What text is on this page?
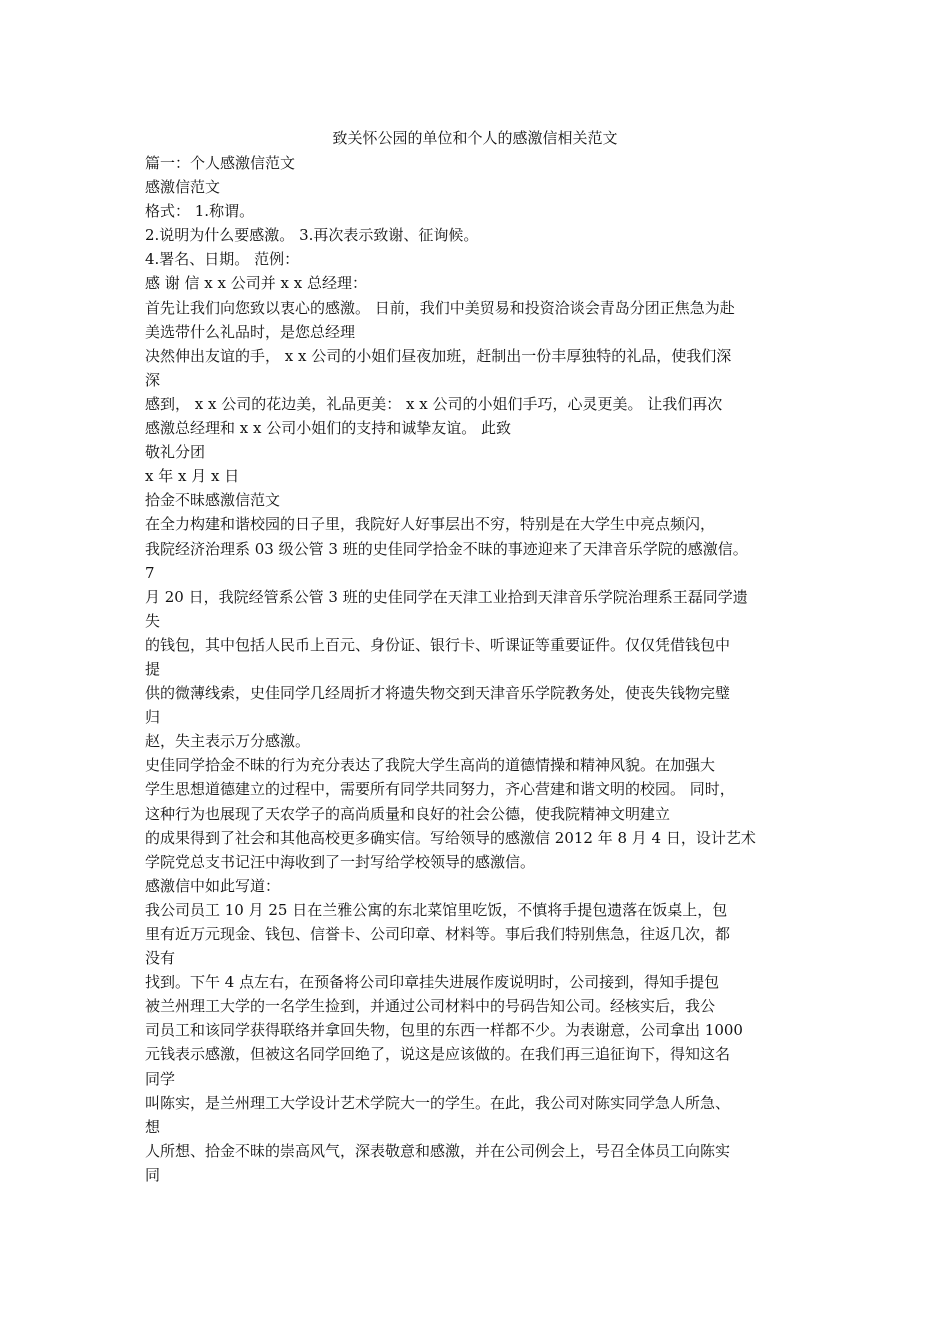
致关怀公园的单位和个人的感激信相关范文
篇一：个人感激信范文
感激信范文
格式： 1.称谓。
2.说明为什么要感激。 3.再次表示致谢、征询候。
4.署名、日期。 范例：
感 谢 信 x x 公司并 x x 总经理：
首先让我们向您致以衷心的感激。 日前，我们中美贸易和投资洽谈会青岛分团正焦急为赴
美选带什么礼品时，是您总经理
决然伸出友谊的手， x x 公司的小姐们昼夜加班，赶制出一份丰厚独特的礼品，使我们深
深
感到， x x 公司的花边美，礼品更美： x x 公司的小姐们手巧，心灵更美。 让我们再次
感激总经理和 x x 公司小姐们的支持和诚挚友谊。 此致
敬礼分团
x 年 x 月 x 日
拾金不昧感激信范文
在全力构建和谐校园的日子里，我院好人好事层出不穷，特别是在大学生中亮点频闪，
我院经济治理系 03 级公管 3 班的史佳同学拾金不昧的事迹迎来了天津音乐学院的感激信。
7
月 20 日，我院经管系公管 3 班的史佳同学在天津工业拾到天津音乐学院治理系王磊同学遗
失
的钱包，其中包括人民币上百元、身份证、银行卡、听课证等重要证件。仅仅凭借钱包中
提
供的微薄线索，史佳同学几经周折才将遗失物交到天津音乐学院教务处，使丧失钱物完璧
归
赵，失主表示万分感激。
史佳同学拾金不昧的行为充分表达了我院大学生高尚的道德情操和精神风貌。在加强大
学生思想道德建立的过程中，需要所有同学共同努力，齐心营建和谐文明的校园。 同时，
这种行为也展现了天农学子的高尚质量和良好的社会公德，使我院精神文明建立
的成果得到了社会和其他高校更多确实信。写给领导的感激信 2012 年 8 月 4 日，设计艺术
学院党总支书记汪中海收到了一封写给学校领导的感激信。
感激信中如此写道：
我公司员工 10 月 25 日在兰雅公寓的东北菜馆里吃饭，不慎将手提包遗落在饭桌上，包
里有近万元现金、钱包、信誉卡、公司印章、材料等。事后我们特别焦急，往返几次，都
没有
找到。下午 4 点左右，在预备将公司印章挂失进展作废说明时，公司接到，得知手提包
被兰州理工大学的一名学生捡到，并通过公司材料中的号码告知公司。经核实后，我公
司员工和该同学获得联络并拿回失物，包里的东西一样都不少。为表谢意，公司拿出 1000
元钱表示感激，但被这名同学回绝了，说这是应该做的。在我们再三追征询下，得知这名
同学
叫陈实，是兰州理工大学设计艺术学院大一的学生。在此，我公司对陈实同学急人所急、
想
人所想、拾金不昧的崇高风气，深表敬意和感激，并在公司例会上，号召全体员工向陈实
同
